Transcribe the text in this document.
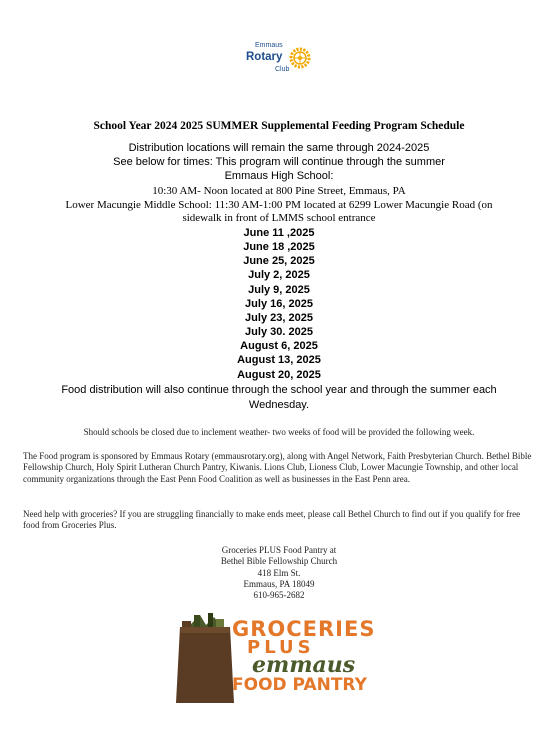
Emmaus
Rotary
Club
School Year 2024 2025 SUMMER Supplemental Feeding Program Schedule
Distribution locations will remain the same through 2024-2025
See below for times: This program will continue through the summer
Emmaus High School:
10:30 AM- Noon located at 800 Pine Street, Emmaus, PA
Lower Macungie Middle School: 11:30 AM-1:00 PM located at 6299 Lower Macungie Road (on
sidewalk in front of LMMS school entrance
June 11 ,2025
June 18 ,2025
June 25, 2025
July 2, 2025
July 9, 2025
July 16, 2025
July 23, 2025
July 30. 2025
August 6, 2025
August 13, 2025
August 20, 2025
Food distribution will also continue through the school year and through the summer each
Wednesday.
Should schools be closed due to inclement weather- two weeks of food will be provided the following week.
The Food program is sponsored by Emmaus Rotary (emmausrotary.org), along with Angel Network, Faith Presbyterian Church. Bethel Bible Fellowship Church, Holy Spirit Lutheran Church Pantry, Kiwanis. Lions Club, Lioness Club, Lower Macungie Township, and other local community organizations through the East Penn Food Coalition as well as businesses in the East Penn area.
Need help with groceries? If you are struggling financially to make ends meet, please call Bethel Church to find out if you qualify for free food from Groceries Plus.
Groceries PLUS Food Pantry at
Bethel Bible Fellowship Church
418 Elm St.
Emmaus, PA 18049
610-965-2682
GROCERIES
PLUS
emmaus
FOOD PANTRY
